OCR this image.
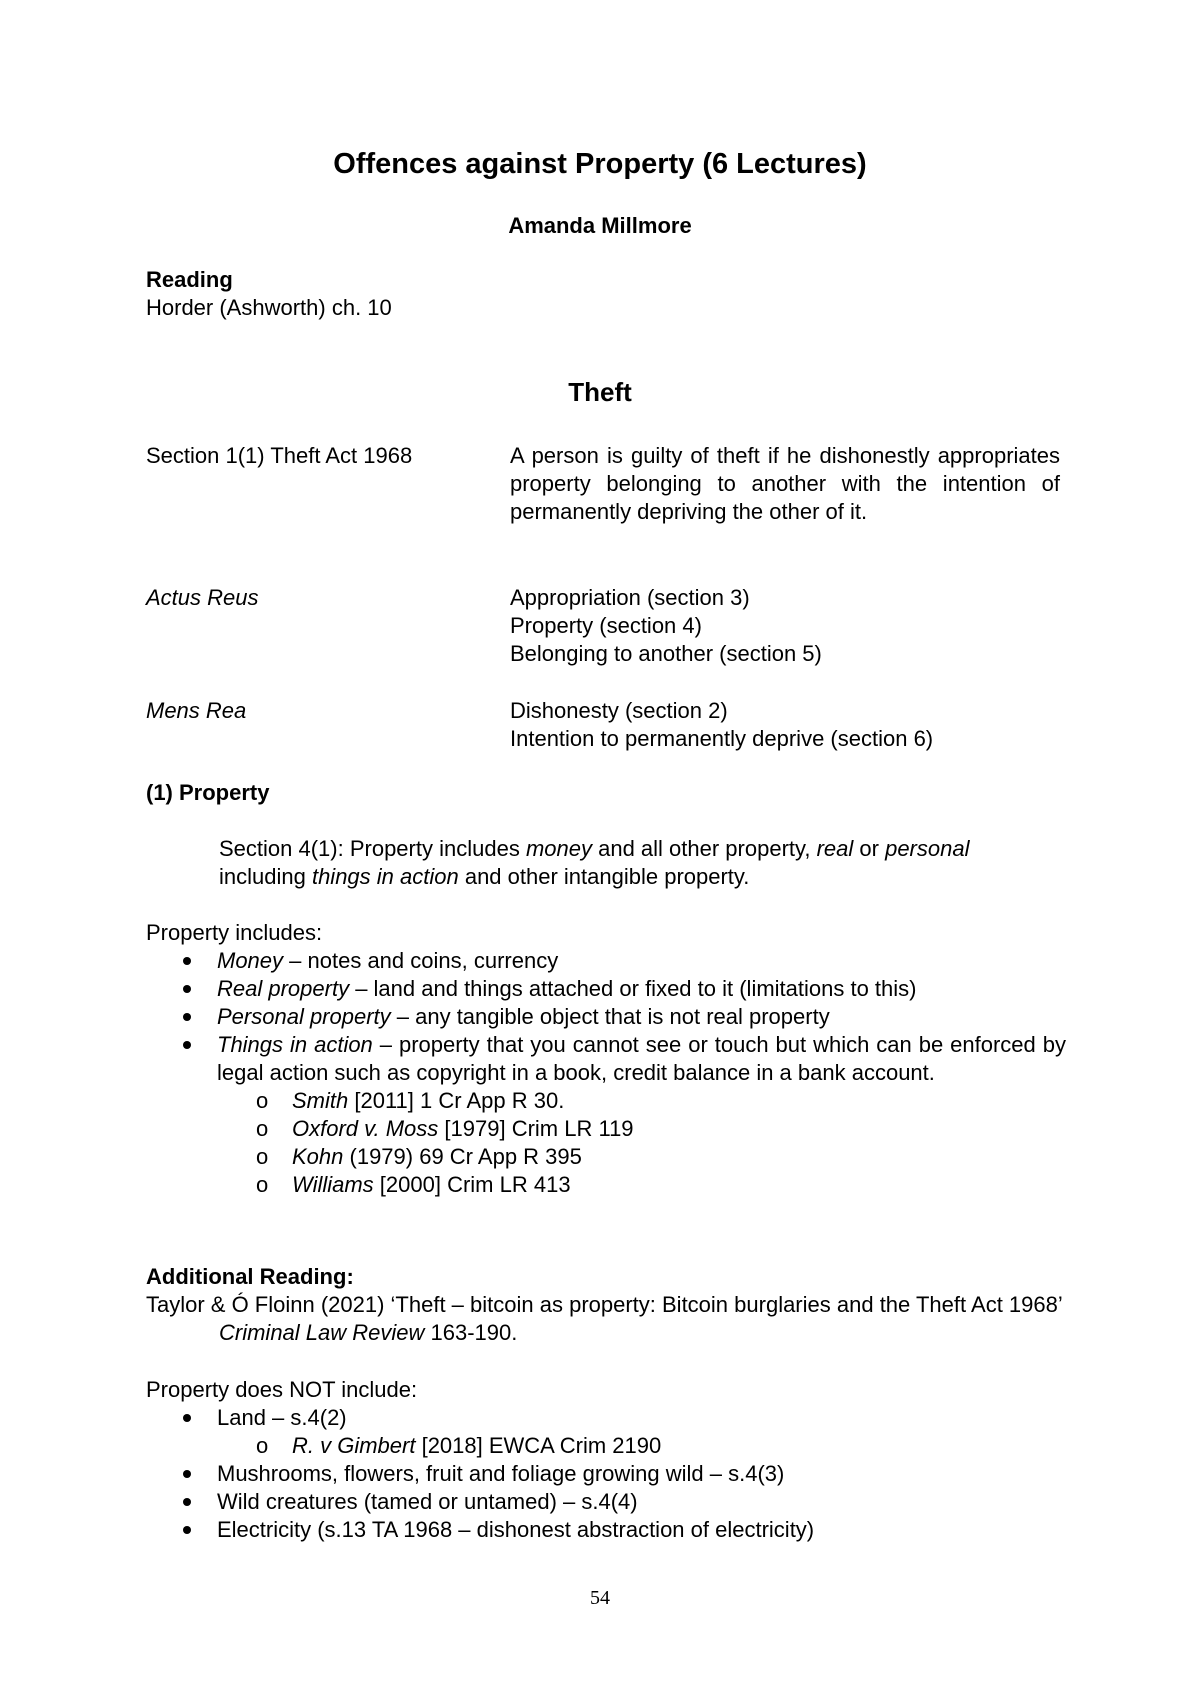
Offences against Property (6 Lectures)
Amanda Millmore
Reading
Horder (Ashworth) ch. 10
Theft
Section 1(1) Theft Act 1968	A person is guilty of theft if he dishonestly appropriates property belonging to another with the intention of permanently depriving the other of it.
Actus Reus	Appropriation (section 3)
Property (section 4)
Belonging to another (section 5)
Mens Rea	Dishonesty (section 2)
Intention to permanently deprive (section 6)
(1) Property
Section 4(1): Property includes money and all other property, real or personal
including things in action and other intangible property.
Property includes:
Money – notes and coins, currency
Real property – land and things attached or fixed to it (limitations to this)
Personal property – any tangible object that is not real property
Things in action – property that you cannot see or touch but which can be enforced by legal action such as copyright in a book, credit balance in a bank account.
o Smith [2011] 1 Cr App R 30.
o Oxford v. Moss [1979] Crim LR 119
o Kohn (1979) 69 Cr App R 395
o Williams [2000] Crim LR 413
Additional Reading:
Taylor & Ó Floinn (2021) ‘Theft – bitcoin as property: Bitcoin burglaries and the Theft Act 1968’ Criminal Law Review 163-190.
Property does NOT include:
Land – s.4(2)
o R. v Gimbert [2018] EWCA Crim 2190
Mushrooms, flowers, fruit and foliage growing wild – s.4(3)
Wild creatures (tamed or untamed) – s.4(4)
Electricity (s.13 TA 1968 – dishonest abstraction of electricity)
54
